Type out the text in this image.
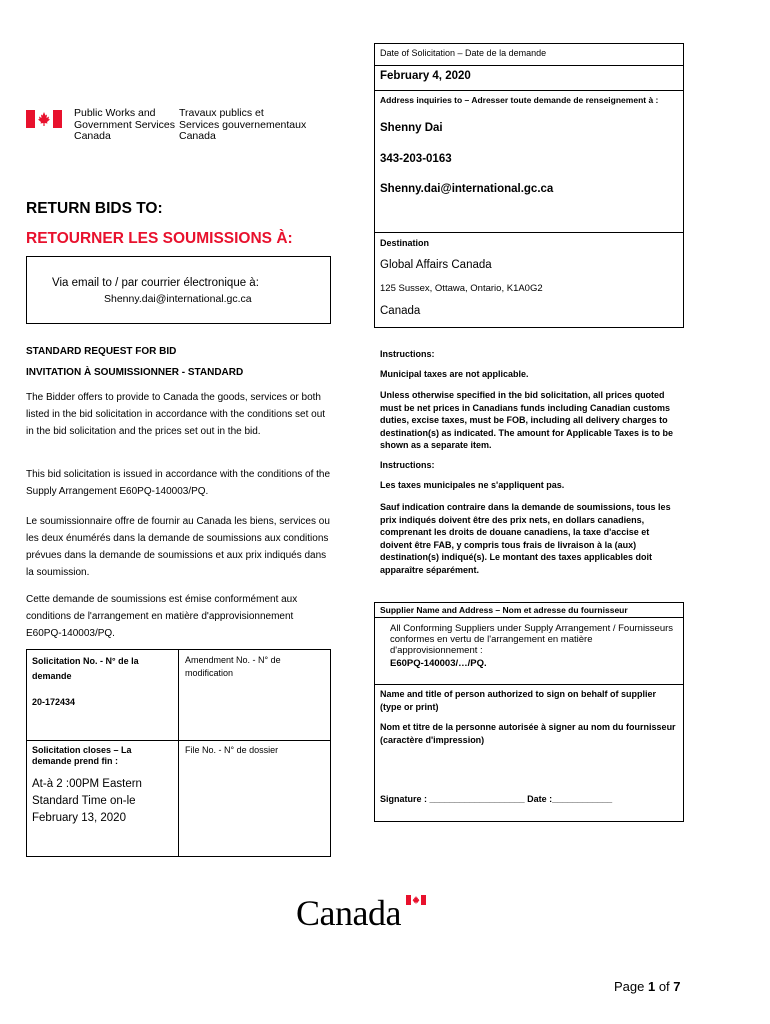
Public Works and
Government Services
Canada
Travaux publics et
Services gouvernementaux
Canada
Date of Solicitation – Date de la demande
February 4, 2020
Address inquiries to – Adresser toute demande de renseignement à :
Shenny Dai
343-203-0163
Shenny.dai@international.gc.ca
Destination
Global Affairs Canada
125 Sussex, Ottawa, Ontario, K1A0G2
Canada
Instructions:
Municipal taxes are not applicable.
Unless otherwise specified in the bid solicitation, all prices quoted must be net prices in Canadians funds including Canadian customs duties, excise taxes, must be FOB, including all delivery charges to destination(s) as indicated. The amount for Applicable Taxes is to be shown as a separate item.
Instructions:
Les taxes municipales ne s'appliquent pas.
Sauf indication contraire dans la demande de soumissions, tous les prix indiqués doivent être des prix nets, en dollars canadiens, comprenant les droits de douane canadiens, la taxe d'accise et doivent être FAB, y compris tous frais de livraison à la (aux) destination(s) indiqué(s). Le montant des taxes applicables doit apparaître séparément.
Supplier Name and Address – Nom et adresse du fournisseur
All Conforming Suppliers under Supply Arrangement / Fournisseurs conformes en vertu de l'arrangement en matière d'approvisionnement :
E60PQ-140003/…/PQ.
Name and title of person authorized to sign on behalf of supplier (type or print)
Nom et titre de la personne autorisée à signer au nom du fournisseur (caractère d'impression)
Signature : ___________________ Date :____________
RETURN BIDS TO:
RETOURNER LES SOUMISSIONS À:
Via email to / par courrier électronique à:
Shenny.dai@international.gc.ca
STANDARD REQUEST FOR BID
INVITATION À SOUMISSIONNER - STANDARD
The Bidder offers to provide to Canada the goods, services or both listed in the bid solicitation in accordance with the conditions set out in the bid solicitation and the prices set out in the bid.
This bid solicitation is issued in accordance with the conditions of the Supply Arrangement E60PQ-140003/PQ.
Le soumissionnaire offre de fournir au Canada les biens, services ou les deux énumérés dans la demande de soumissions aux conditions prévues dans la demande de soumissions et aux prix indiqués dans la soumission.
Cette demande de soumissions est émise conformément aux conditions de l'arrangement en matière d'approvisionnement E60PQ-140003/PQ.
Solicitation No. - N° de la demande
20-172434
Amendment No. - N° de modification
Solicitation closes – La demande prend fin :
At-à 2 :00PM Eastern Standard Time on-le February 13, 2020
File No. - N° de dossier
Canada
Page 1 of 7
